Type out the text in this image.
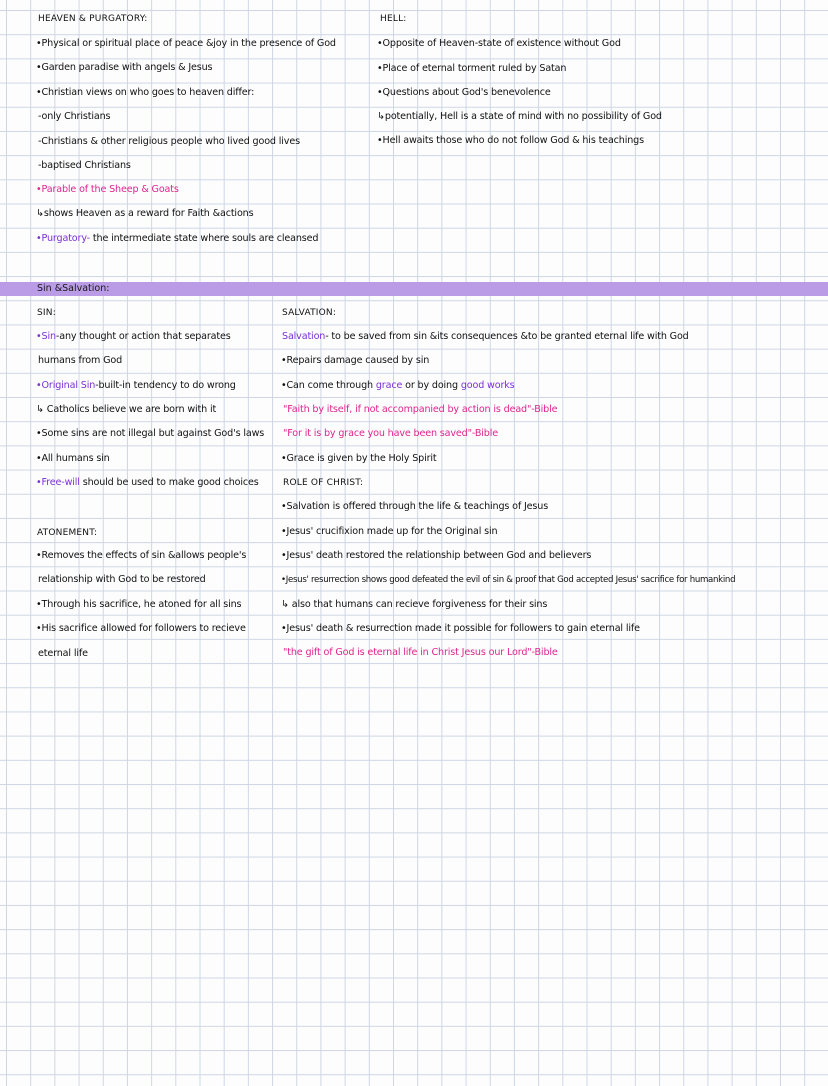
HEAVEN & PURGATORY:
•Physical or spiritual place of peace &joy in the presence of God
•Garden paradise with angels & Jesus
•Christian views on who goes to heaven differ:
-only Christians
-Christians & other religious people who lived good lives
-baptised Christians
•Parable of the Sheep & Goats
↳shows Heaven as a reward for Faith &actions
•Purgatory- the intermediate state where souls are cleansed
HELL:
•Opposite of Heaven-state of existence without God
•Place of eternal torment ruled by Satan
•Questions about God's benevolence
↳potentially, Hell is a state of mind with no possibility of God
•Hell awaits those who do not follow God & his teachings
Sin &Salvation:
SIN:
•Sin-any thought or action that separates
humans from God
•Original Sin-built-in tendency to do wrong
↳ Catholics believe we are born with it
•Some sins are not illegal but against God's laws
•All humans sin
•Free-will should be used to make good choices
ATONEMENT:
•Removes the effects of sin &allows people's
relationship with God to be restored
•Through his sacrifice, he atoned for all sins
•His sacrifice allowed for followers to recieve
eternal life
SALVATION:
Salvation- to be saved from sin &its consequences &to be granted eternal life with God
•Repairs damage caused by sin
•Can come through grace or by doing good works
"Faith by itself, if not accompanied by action is dead"-Bible
"For it is by grace you have been saved"-Bible
•Grace is given by the Holy Spirit
ROLE OF CHRIST:
•Salvation is offered through the life & teachings of Jesus
•Jesus' crucifixion made up for the Original sin
•Jesus' death restored the relationship between God and believers
•Jesus' resurrection shows good defeated the evil of sin & proof that God accepted Jesus' sacrifice for humankind
↳ also that humans can recieve forgiveness for their sins
•Jesus' death & resurrection made it possible for followers to gain eternal life
"the gift of God is eternal life in Christ Jesus our Lord"-Bible
